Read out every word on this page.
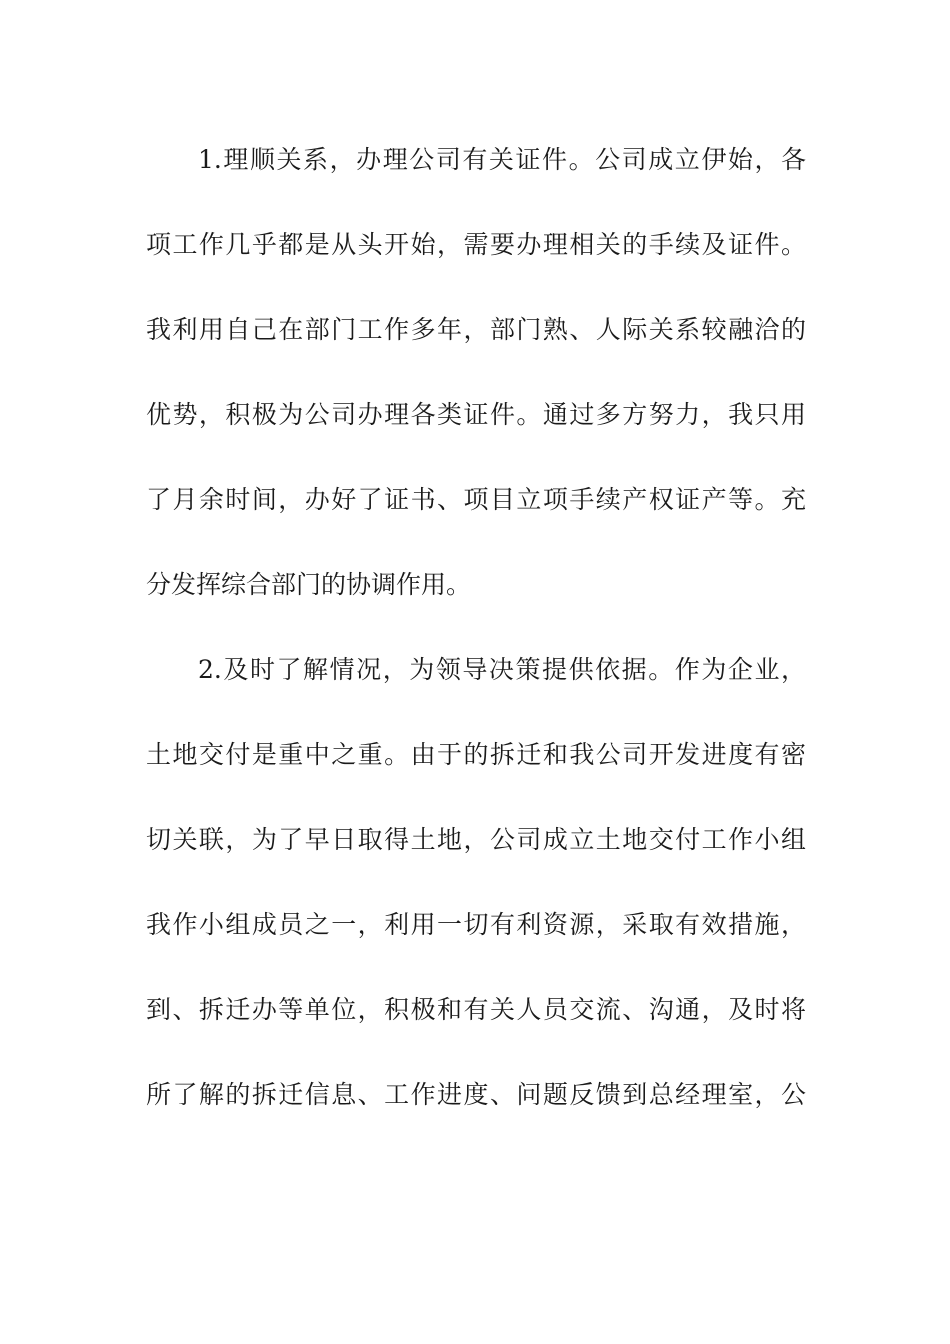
1.理顺关系，办理公司有关证件。公司成立伊始，各

项工作几乎都是从头开始，需要办理相关的手续及证件。

我利用自己在部门工作多年，部门熟、人际关系较融洽的

优势，积极为公司办理各类证件。通过多方努力，我只用

了月余时间，办好了证书、项目立项手续产权证产等。充

分发挥综合部门的协调作用。

2.及时了解情况，为领导决策提供依据。作为企业，

土地交付是重中之重。由于的拆迁和我公司开发进度有密

切关联，为了早日取得土地，公司成立土地交付工作小组

我作小组成员之一，利用一切有利资源，采取有效措施，

到、拆迁办等单位，积极和有关人员交流、沟通，及时将

所了解的拆迁信息、工作进度、问题反馈到总经理室，公
